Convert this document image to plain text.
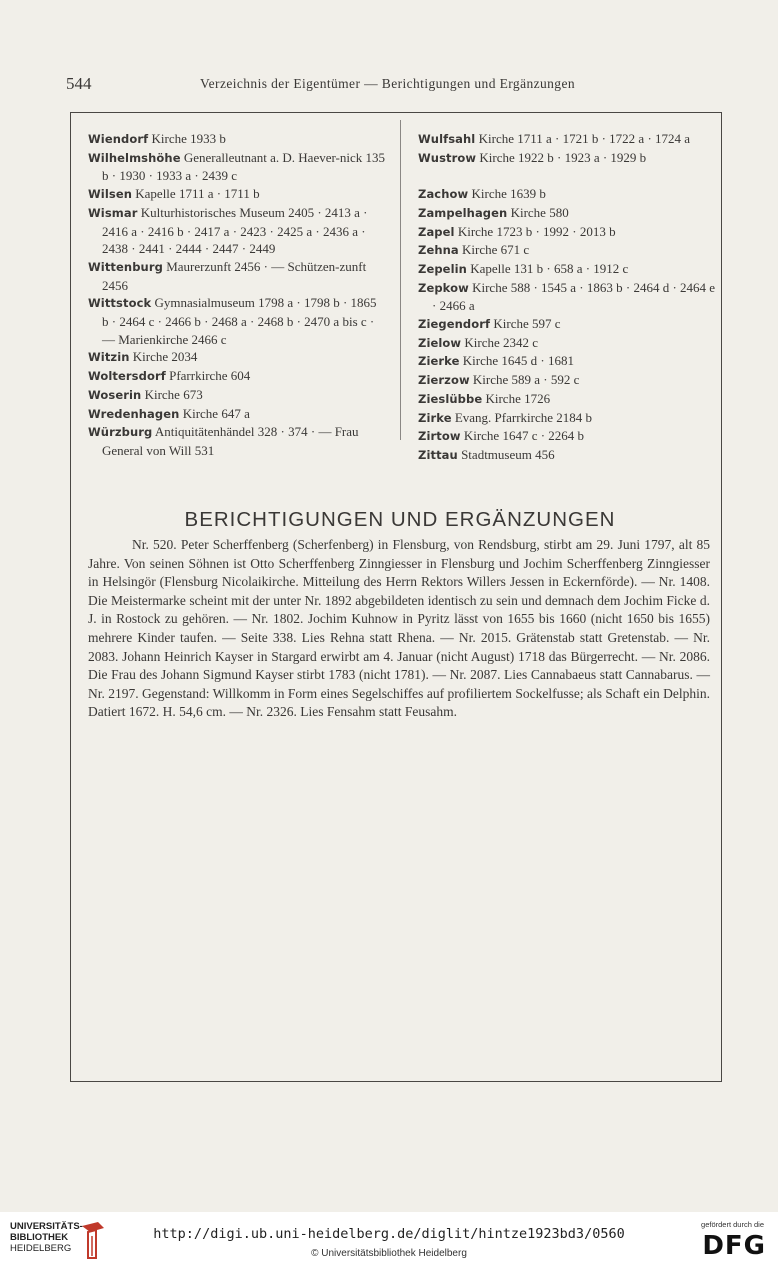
544	Verzeichnis der Eigentümer — Berichtigungen und Ergänzungen
Wiendorf Kirche 1933 b
Wilhelmshöhe Generalleutnant a. D. Haever-nick 135 b · 1930 · 1933 a · 2439 c
Wilsen Kapelle 1711 a · 1711 b
Wismar Kulturhistorisches Museum 2405 · 2413 a · 2416 a · 2416 b · 2417 a · 2423 · 2425 a · 2436 a · 2438 · 2441 · 2444 · 2447 · 2449
Wittenburg Maurerzunft 2456 · — Schützen-zunft 2456
Wittstock Gymnasialmuseum 1798 a · 1798 b · 1865 b · 2464 c · 2466 b · 2468 a · 2468 b · 2470 a bis c · — Marienkirche 2466 c
Witzin Kirche 2034
Woltersdorf Pfarrkirche 604
Woserin Kirche 673
Wredenhagen Kirche 647 a
Würzburg Antiquitätenhändel 328 · 374 · — Frau General von Will 531
Wulfsahl Kirche 1711 a · 1721 b · 1722 a · 1724 a
Wustrow Kirche 1922 b · 1923 a · 1929 b
Zachow Kirche 1639 b
Zampelhagen Kirche 580
Zapel Kirche 1723 b · 1992 · 2013 b
Zehna Kirche 671 c
Zepelin Kapelle 131 b · 658 a · 1912 c
Zepkow Kirche 588 · 1545 a · 1863 b · 2464 d · 2464 e · 2466 a
Ziegendorf Kirche 597 c
Zielow Kirche 2342 c
Zierke Kirche 1645 d · 1681
Zierzow Kirche 589 a · 592 c
Zieslübbe Kirche 1726
Zirke Evang. Pfarrkirche 2184 b
Zirtow Kirche 1647 c · 2264 b
Zittau Stadtmuseum 456
BERICHTIGUNGEN UND ERGÄNZUNGEN
Nr. 520. Peter Scherffenberg (Scherfenberg) in Flensburg, von Rendsburg, stirbt am 29. Juni 1797, alt 85 Jahre. Von seinen Söhnen ist Otto Scherffenberg Zinngiesser in Flensburg und Jochim Scherffenberg Zinngiesser in Helsingör (Flensburg Nicolaikirche. Mitteilung des Herrn Rektors Willers Jessen in Eckernförde). — Nr. 1408. Die Meistermarke scheint mit der unter Nr. 1892 abgebildeten identisch zu sein und demnach dem Jochim Ficke d. J. in Rostock zu gehören. — Nr. 1802. Jochim Kuhnow in Pyritz lässt von 1655 bis 1660 (nicht 1650 bis 1655) mehrere Kinder taufen. — Seite 338. Lies Rehna statt Rhena. — Nr. 2015. Grätenstab statt Gretenstab. — Nr. 2083. Johann Heinrich Kayser in Stargard erwirbt am 4. Januar (nicht August) 1718 das Bürgerrecht. — Nr. 2086. Die Frau des Johann Sigmund Kayser stirbt 1783 (nicht 1781). — Nr. 2087. Lies Cannabaeus statt Cannabarus. — Nr. 2197. Gegenstand: Willkomm in Form eines Segelschiffes auf profiliertem Sockelfusse; als Schaft ein Delphin. Datiert 1672. H. 54,6 cm. — Nr. 2326. Lies Fensahm statt Feusahm.
UNIVERSITÄTS-
BIBLIOTHEK
HEIDELBERG
http://digi.ub.uni-heidelberg.de/diglit/hintze1923bd3/0560
© Universitätsbibliothek Heidelberg
gefördert durch die
DFG
